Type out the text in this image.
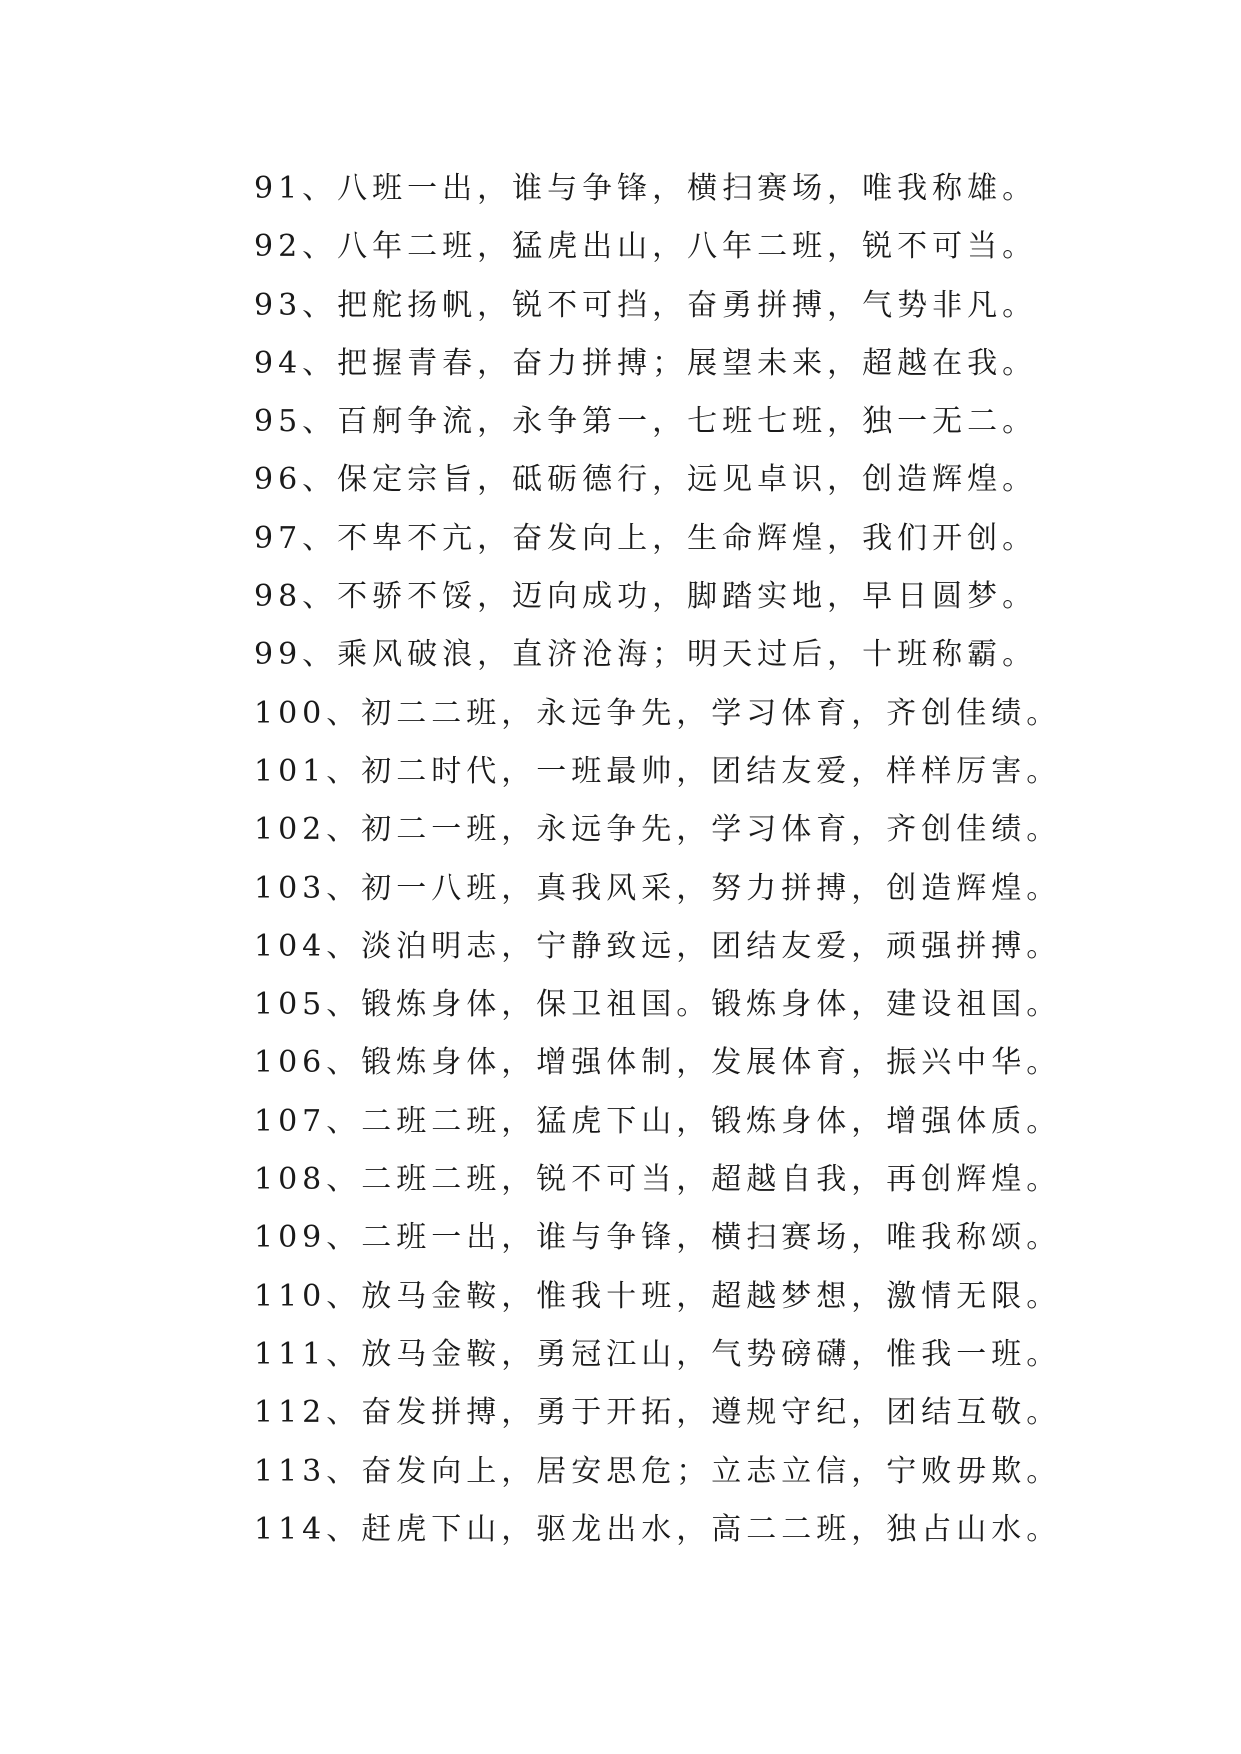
91、八班一出，谁与争锋，横扫赛场，唯我称雄。
92、八年二班，猛虎出山，八年二班，锐不可当。
93、把舵扬帆，锐不可挡，奋勇拼搏，气势非凡。
94、把握青春，奋力拼搏；展望未来，超越在我。
95、百舸争流，永争第一，七班七班，独一无二。
96、保定宗旨，砥砺德行，远见卓识，创造辉煌。
97、不卑不亢，奋发向上，生命辉煌，我们开创。
98、不骄不馁，迈向成功，脚踏实地，早日圆梦。
99、乘风破浪，直济沧海；明天过后，十班称霸。
100、初二二班，永远争先，学习体育，齐创佳绩。
101、初二时代，一班最帅，团结友爱，样样厉害。
102、初二一班，永远争先，学习体育，齐创佳绩。
103、初一八班，真我风采，努力拼搏，创造辉煌。
104、淡泊明志，宁静致远，团结友爱，顽强拼搏。
105、锻炼身体，保卫祖国。锻炼身体，建设祖国。
106、锻炼身体，增强体制，发展体育，振兴中华。
107、二班二班，猛虎下山，锻炼身体，增强体质。
108、二班二班，锐不可当，超越自我，再创辉煌。
109、二班一出，谁与争锋，横扫赛场，唯我称颂。
110、放马金鞍，惟我十班，超越梦想，激情无限。
111、放马金鞍，勇冠江山，气势磅礴，惟我一班。
112、奋发拼搏，勇于开拓，遵规守纪，团结互敬。
113、奋发向上，居安思危；立志立信，宁败毋欺。
114、赶虎下山，驱龙出水，高二二班，独占山水。
